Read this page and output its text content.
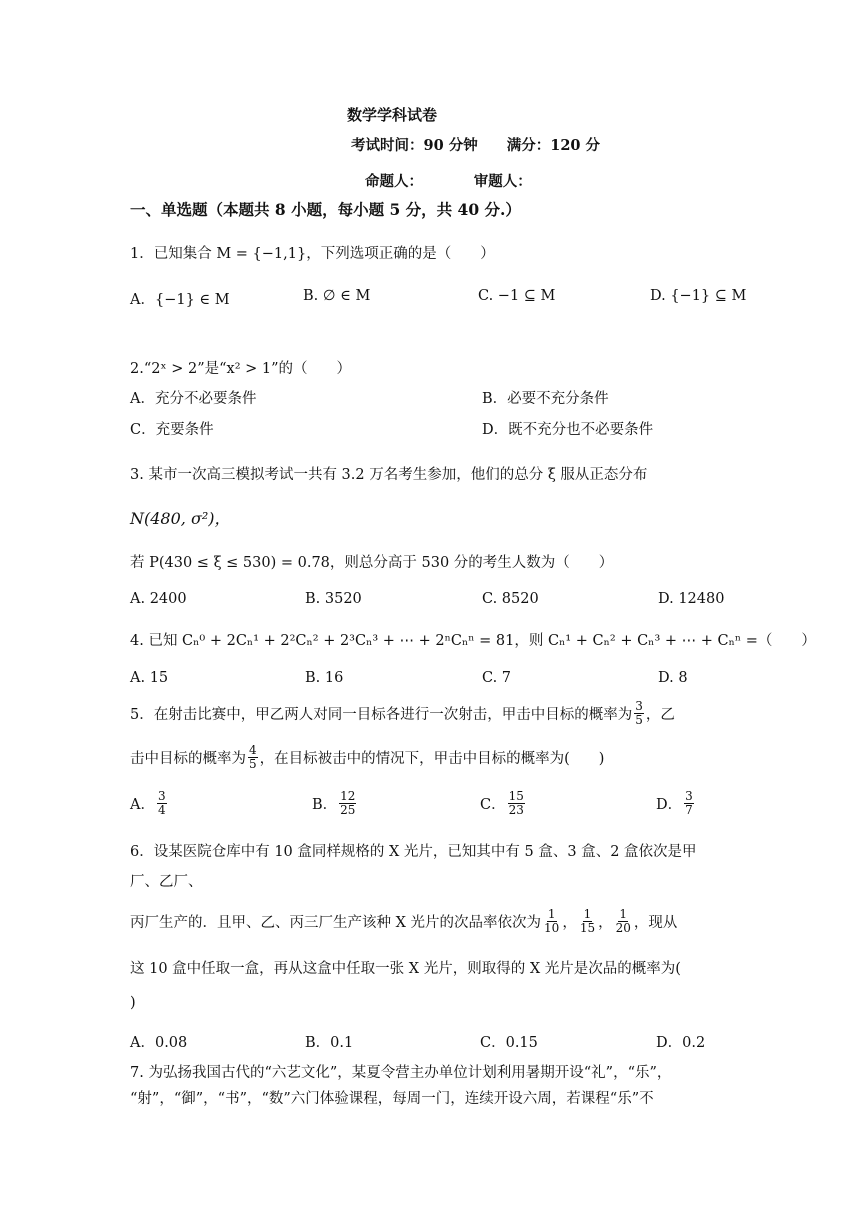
数学学科试卷
考试时间：90 分钟　　满分：120 分
命题人：　　　　审题人：
一、单选题（本题共 8 小题，每小题 5 分，共 40 分.）
1．已知集合 M = {−1,1}，下列选项正确的是（　　）
A．{−1} ∈ M	B. ∅ ∈ M	C. −1 ⊆ M	D. {−1} ⊆ M
2.“2ˣ > 2”是“x² > 1”的（　　）
A．充分不必要条件	B．必要不充分条件
C．充要条件	D．既不充分也不必要条件
3. 某市一次高三模拟考试一共有 3.2 万名考生参加，他们的总分 ξ 服从正态分布
N(480, σ²)，
若 P(430 ≤ ξ ≤ 530) = 0.78，则总分高于 530 分的考生人数为（　　）
A. 2400	B. 3520	C. 8520	D. 12480
4. 已知 Cₙ⁰ + 2Cₙ¹ + 2²Cₙ² + 2³Cₙ³ + ⋯ + 2ⁿCₙⁿ = 81，则 Cₙ¹ + Cₙ² + Cₙ³ + ⋯ + Cₙⁿ =（　　）
A. 15	B. 16	C. 7	D. 8
5．在射击比赛中，甲乙两人对同一目标各进行一次射击，甲击中目标的概率为 $\frac{3}{5}$ ，乙
击中目标的概率为 $\frac{4}{5}$ ，在目标被击中的情况下，甲击中目标的概率为(　　)
A． $\frac{3}{4}$	B． $\frac{12}{25}$	C． $\frac{15}{23}$	D． $\frac{3}{7}$
6．设某医院仓库中有 10 盒同样规格的 X 光片，已知其中有 5 盒、3 盒、2 盒依次是甲
厂、乙厂、
丙厂生产的．且甲、乙、丙三厂生产该种 X 光片的次品率依次为 $\frac{1}{10}$ ， $\frac{1}{15}$ ， $\frac{1}{20}$ ，现从
这 10 盒中任取一盒，再从这盒中任取一张 X 光片，则取得的 X 光片是次品的概率为(
)
A．0.08	B．0.1	C．0.15	D．0.2
7. 为弘扬我国古代的“六艺文化”，某夏令营主办单位计划利用暑期开设“礼”，“乐”，
“射”，“御”，“书”，“数”六门体验课程，每周一门，连续开设六周，若课程“乐”不
